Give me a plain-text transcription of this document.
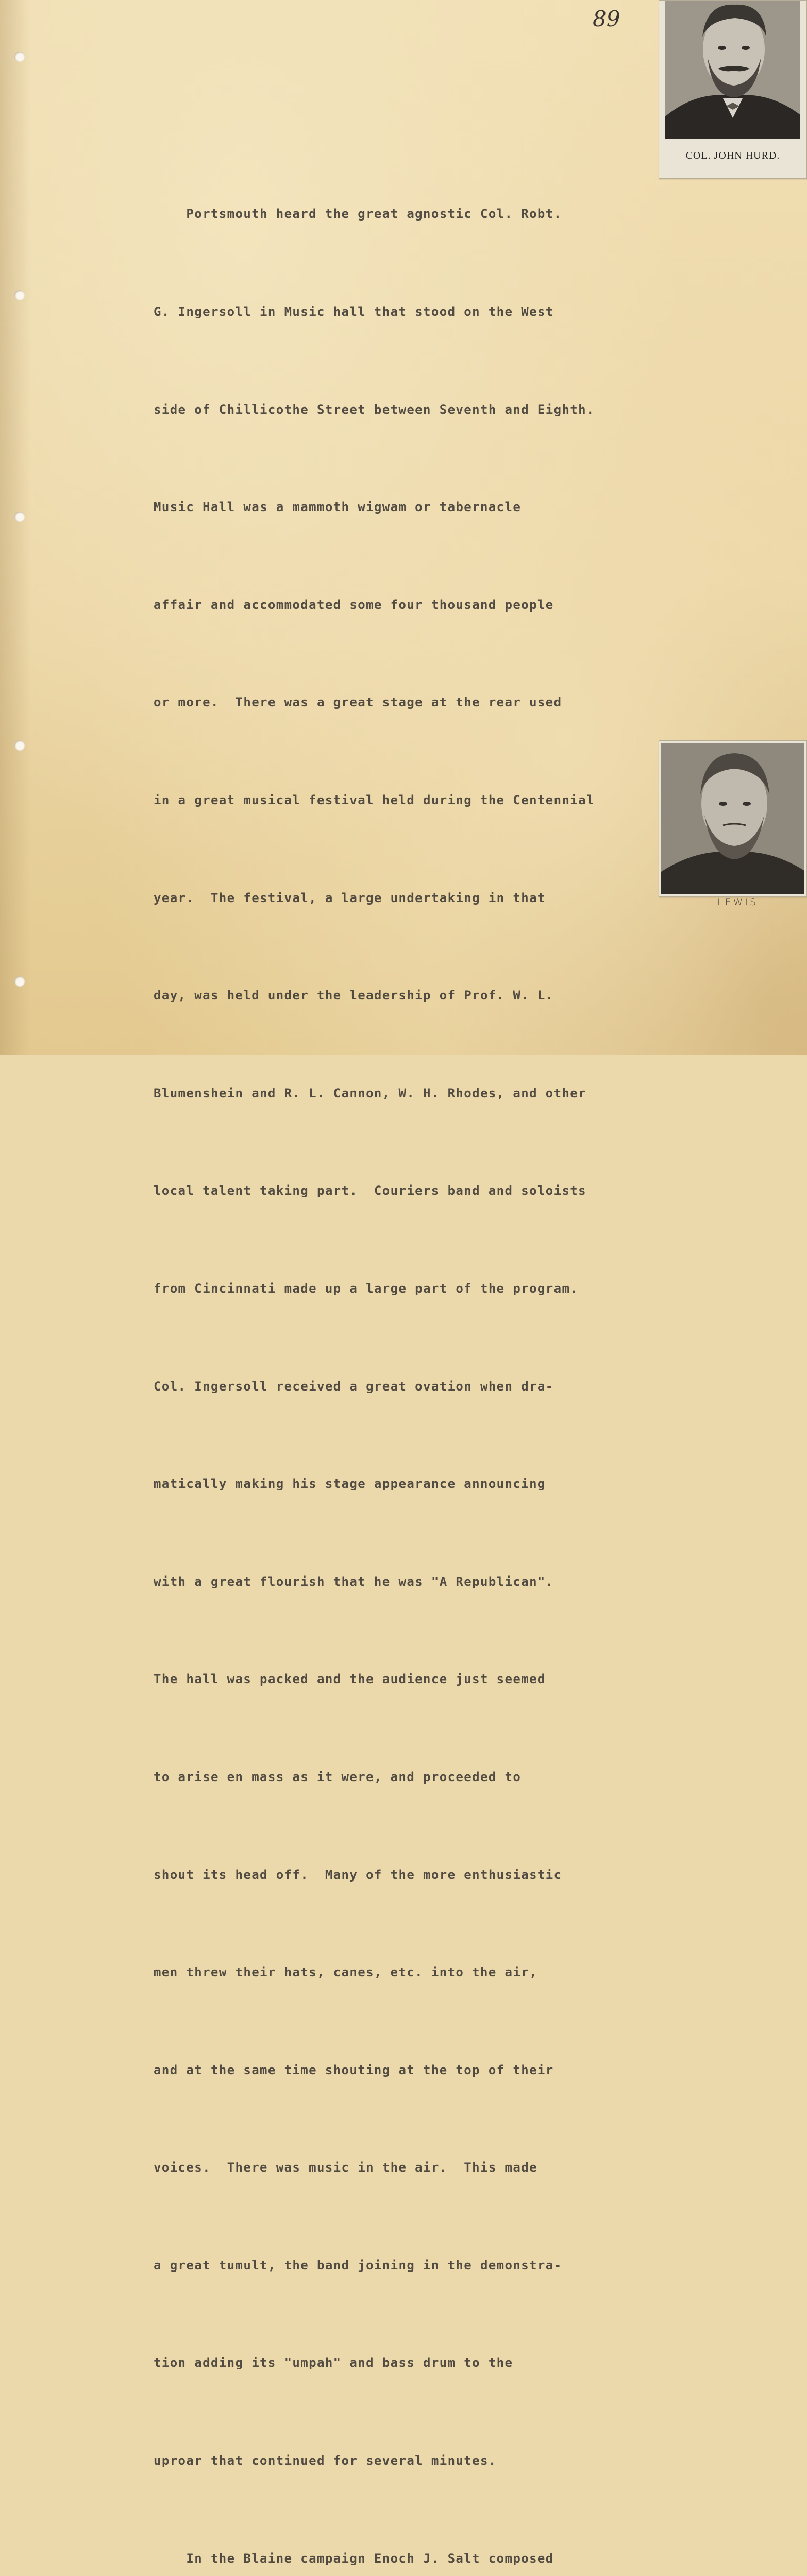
89
COL. JOHN HURD.
LEWIS

Portsmouth heard the great agnostic Col. Robt.

G. Ingersoll in Music hall that stood on the West

side of Chillicothe Street between Seventh and Eighth.

Music Hall was a mammoth wigwam or tabernacle

affair and accommodated some four thousand people

or more.  There was a great stage at the rear used

in a great musical festival held during the Centennial

year.  The festival, a large undertaking in that

day, was held under the leadership of Prof. W. L.

Blumenshein and R. L. Cannon, W. H. Rhodes, and other

local talent taking part.  Couriers band and soloists

from Cincinnati made up a large part of the program.

Col. Ingersoll received a great ovation when dra-

matically making his stage appearance announcing

with a great flourish that he was "A Republican".

The hall was packed and the audience just seemed

to arise en mass as it were, and proceeded to

shout its head off.  Many of the more enthusiastic

men threw their hats, canes, etc. into the air,

and at the same time shouting at the top of their

voices.  There was music in the air.  This made

a great tumult, the band joining in the demonstra-

tion adding its "umpah" and bass drum to the

uproar that continued for several minutes.

In the Blaine campaign Enoch J. Salt composed
